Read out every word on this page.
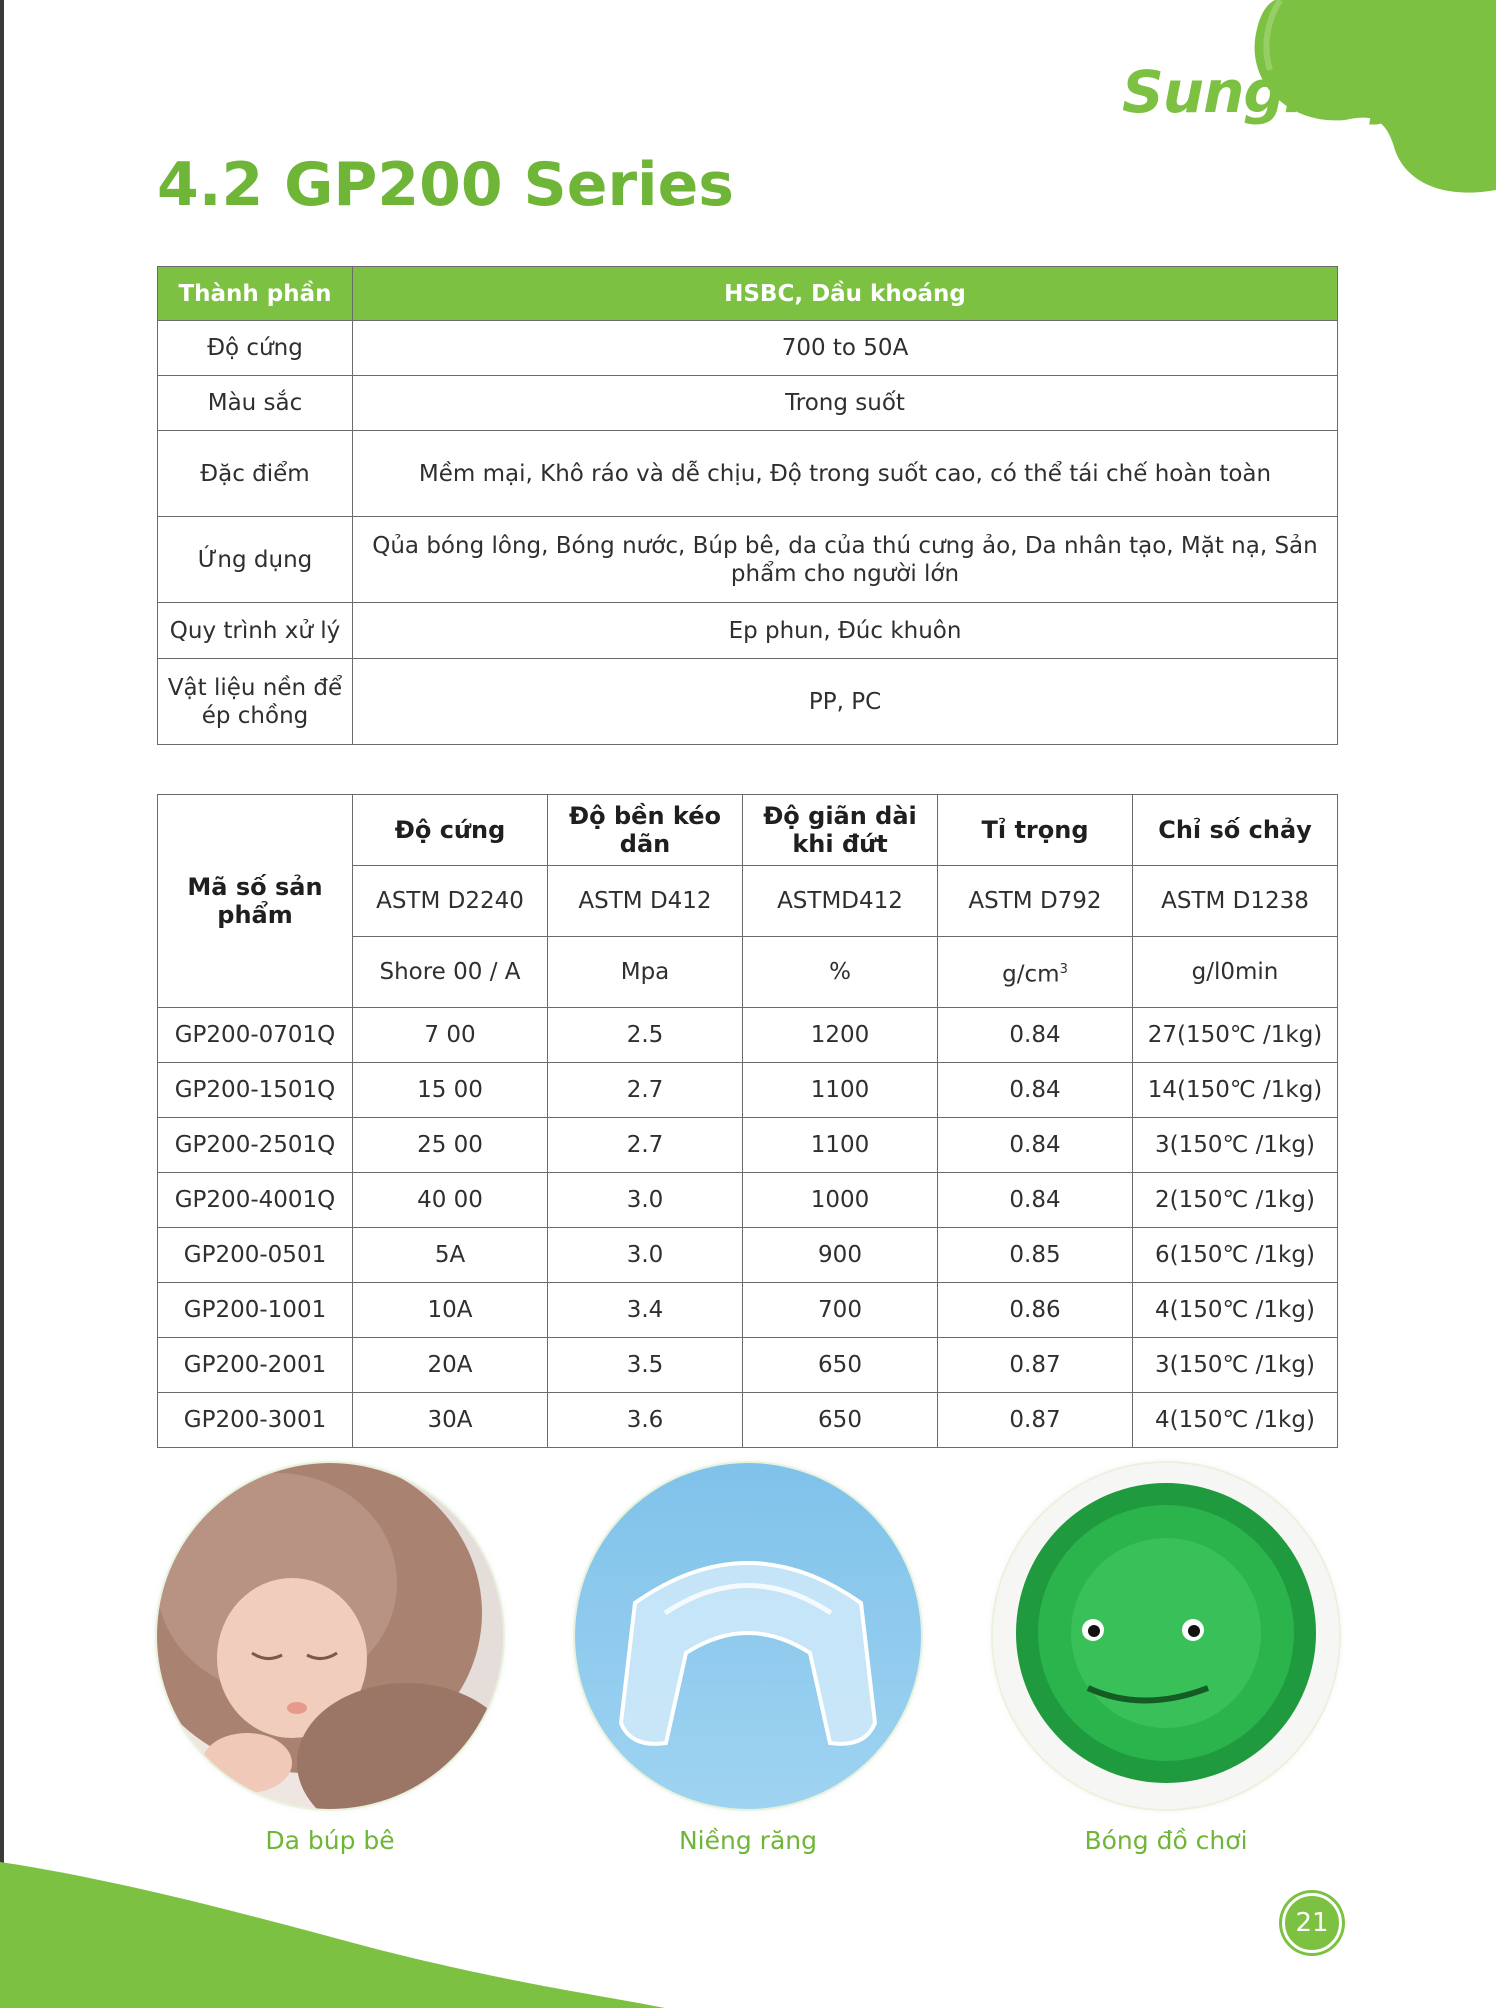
Sunglory
4.2 GP200 Series
Thành phần	HSBC, Dầu khoáng
Độ cứng	700 to 50A
Màu sắc	Trong suốt
Đặc điểm	Mềm mại, Khô ráo và dễ chịu, Độ trong suốt cao, có thể tái chế hoàn toàn
Ứng dụng	Qủa bóng lông, Bóng nước, Búp bê, da của thú cưng ảo, Da nhân tạo, Mặt nạ, Sản phẩm cho người lớn
Quy trình xử lý	Ep phun, Đúc khuôn
Vật liệu nền để ép chồng	PP, PC
Mã số sản phẩm	Độ cứng	Độ bền kéo dãn	Độ giãn dài khi đứt	Tỉ trọng	Chỉ số chảy
	ASTM D2240	ASTM D412	ASTMD412	ASTM D792	ASTM D1238
	Shore 00 / A	Mpa	%	$g/cm^3$	g/l0min
GP200-0701Q	7 00	2.5	1200	0.84	27(150℃ /1kg)
GP200-1501Q	15 00	2.7	1100	0.84	14(150℃ /1kg)
GP200-2501Q	25 00	2.7	1100	0.84	3(150℃ /1kg)
GP200-4001Q	40 00	3.0	1000	0.84	2(150℃ /1kg)
GP200-0501	5A	3.0	900	0.85	6(150℃ /1kg)
GP200-1001	10A	3.4	700	0.86	4(150℃ /1kg)
GP200-2001	20A	3.5	650	0.87	3(150℃ /1kg)
GP200-3001	30A	3.6	650	0.87	4(150℃ /1kg)
Da búp bê	Niềng răng	Bóng đồ chơi
21
